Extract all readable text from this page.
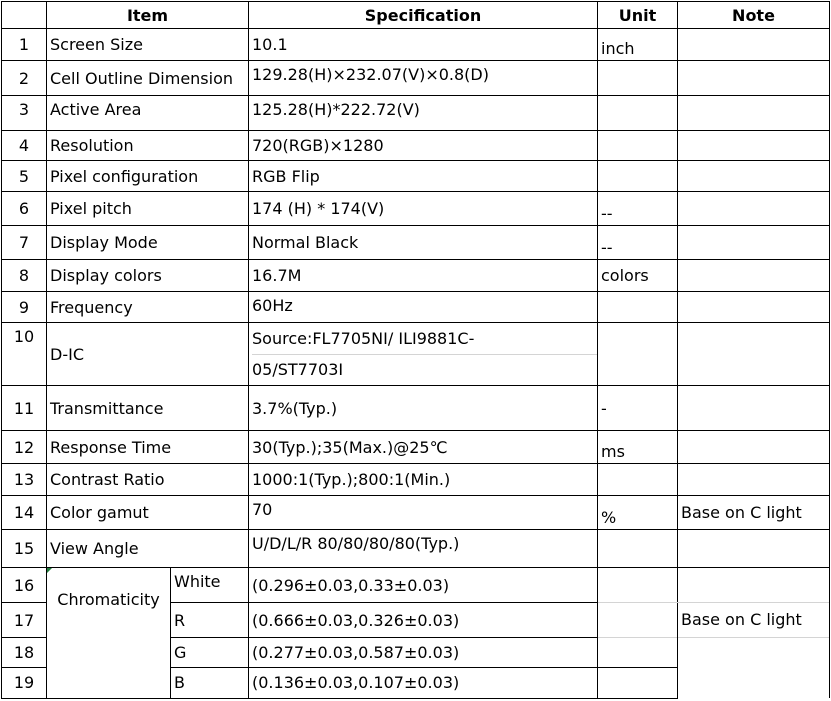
	Item		Specification	Unit	Note
1	Screen Size		10.1	inch	
2	Cell Outline Dimension		129.28(H)×232.07(V)×0.8(D)		
3	Active Area		125.28(H)*222.72(V)		
4	Resolution		720(RGB)×1280		
5	Pixel configuration		RGB Flip		
6	Pixel pitch		174 (H) * 174(V)	--	
7	Display Mode		Normal Black	--	
8	Display colors		16.7M	colors	
9	Frequency		60Hz		
10	D-IC		Source:FL7705NI/ ILI9881C-
05/ST7703I		

11	Transmittance		3.7%(Typ.)	-	
12	Response Time		30(Typ.);35(Max.)@25℃	ms	
13	Contrast Ratio		1000:1(Typ.);800:1(Min.)		
14	Color gamut		70	%	Base on C light
15	View Angle		U/D/L/R 80/80/80/80(Typ.)		
16	Chromaticity	White	(0.296±0.03,0.33±0.03)		Base on C light

17		R	(0.666±0.03,0.326±0.03)		
18		G	(0.277±0.03,0.587±0.03)		
19		B	(0.136±0.03,0.107±0.03)		
